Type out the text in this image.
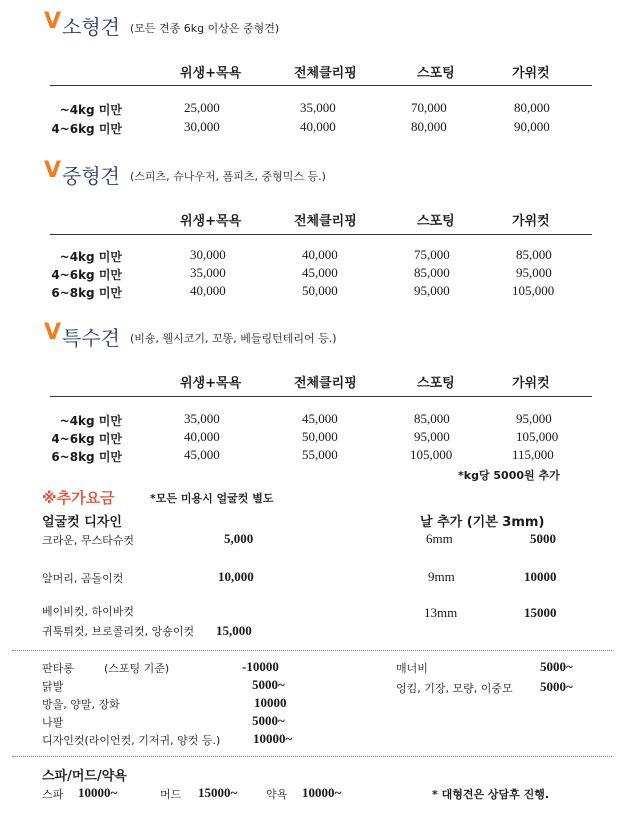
V 소형견 (모든 견종 6kg 이상은 중형견)
위생+목욕	전체클리핑	스포팅	가위컷
~4kg 미만	25,000	35,000	70,000	80,000
4~6kg 미만	30,000	40,000	80,000	90,000
V 중형견 (스피츠, 슈나우저, 폼피츠, 중형믹스 등.)
위생+목욕	전체클리핑	스포팅	가위컷
~4kg 미만	30,000	40,000	75,000	85,000
4~6kg 미만	35,000	45,000	85,000	95,000
6~8kg 미만	40,000	50,000	95,000	105,000
V 특수견 (비숑, 웰시코기, 꼬똥, 베들링턴테리어 등.)
위생+목욕	전체클리핑	스포팅	가위컷
~4kg 미만	35,000	45,000	85,000	95,000
4~6kg 미만	40,000	50,000	95,000	105,000
6~8kg 미만	45,000	55,000	105,000	115,000
*kg당 5000원 추가
※추가요금	*모든 미용시 얼굴컷 별도
얼굴컷 디자인	날 추가 (기본 3mm)
크라운, 무스타슈컷	5,000	6mm	5000
알머리, 곰돌이컷	10,000	9mm	10000
베이비컷, 하이바컷	13mm	15000
귀툭튀컷, 브로콜리컷, 앙숑이컷 15,000
판타롱	(스포팅 기준)	-10000
닭발	5000~
방울, 양말, 장화	10000
나팔	5000~
디자인컷(라이언컷, 기저귀, 양컷 등.)	10000~
매너비	5000~
엉킴, 기장, 모량, 이중모 5000~
스파/머드/약욕
스파 10000~	머드 15000~	약욕 10000~	* 대형견은 상담후 진행.
